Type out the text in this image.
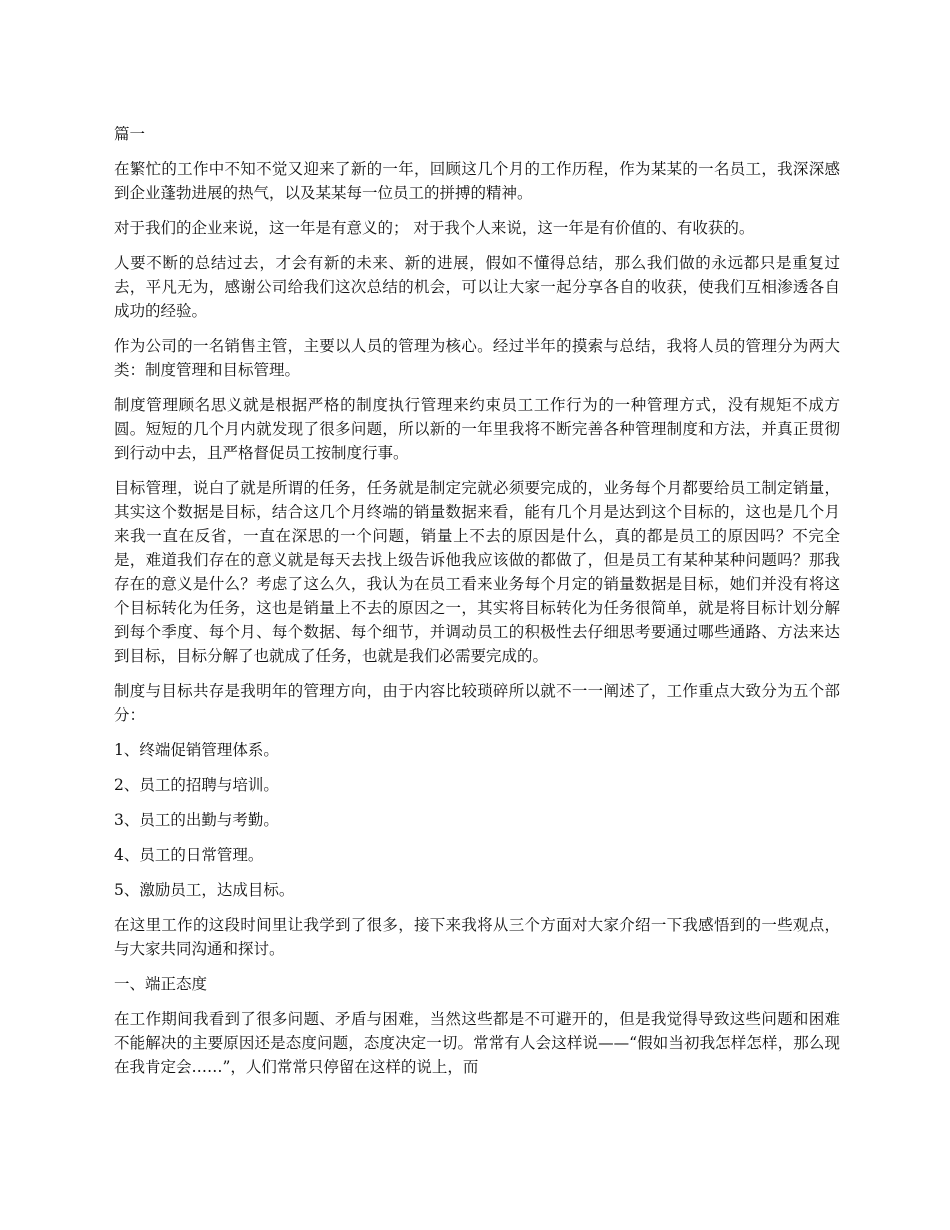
篇一

在繁忙的工作中不知不觉又迎来了新的一年，回顾这几个月的工作历程，作为某某的一名员工，我深深感到企业蓬勃进展的热气，以及某某每一位员工的拼搏的精神。

对于我们的企业来说，这一年是有意义的； 对于我个人来说，这一年是有价值的、有收获的。

人要不断的总结过去，才会有新的未来、新的进展，假如不懂得总结，那么我们做的永远都只是重复过去，平凡无为，感谢公司给我们这次总结的机会，可以让大家一起分享各自的收获，使我们互相渗透各自成功的经验。

作为公司的一名销售主管，主要以人员的管理为核心。经过半年的摸索与总结，我将人员的管理分为两大类：制度管理和目标管理。

制度管理顾名思义就是根据严格的制度执行管理来约束员工工作行为的一种管理方式，没有规矩不成方圆。短短的几个月内就发现了很多问题，所以新的一年里我将不断完善各种管理制度和方法，并真正贯彻到行动中去，且严格督促员工按制度行事。

目标管理，说白了就是所谓的任务，任务就是制定完就必须要完成的，业务每个月都要给员工制定销量，其实这个数据是目标，结合这几个月终端的销量数据来看，能有几个月是达到这个目标的，这也是几个月来我一直在反省，一直在深思的一个问题，销量上不去的原因是什么，真的都是员工的原因吗？不完全是，难道我们存在的意义就是每天去找上级告诉他我应该做的都做了，但是员工有某种某种问题吗？那我存在的意义是什么？考虑了这么久，我认为在员工看来业务每个月定的销量数据是目标，她们并没有将这个目标转化为任务，这也是销量上不去的原因之一，其实将目标转化为任务很简单，就是将目标计划分解到每个季度、每个月、每个数据、每个细节，并调动员工的积极性去仔细思考要通过哪些通路、方法来达到目标，目标分解了也就成了任务，也就是我们必需要完成的。

制度与目标共存是我明年的管理方向，由于内容比较琐碎所以就不一一阐述了，工作重点大致分为五个部分：

1、终端促销管理体系。

2、员工的招聘与培训。

3、员工的出勤与考勤。

4、员工的日常管理。

5、激励员工，达成目标。

在这里工作的这段时间里让我学到了很多，接下来我将从三个方面对大家介绍一下我感悟到的一些观点，与大家共同沟通和探讨。

一、端正态度

在工作期间我看到了很多问题、矛盾与困难，当然这些都是不可避开的，但是我觉得导致这些问题和困难不能解决的主要原因还是态度问题，态度决定一切。常常有人会这样说——“假如当初我怎样怎样，那么现在我肯定会……”，人们常常只停留在这样的说上，而
